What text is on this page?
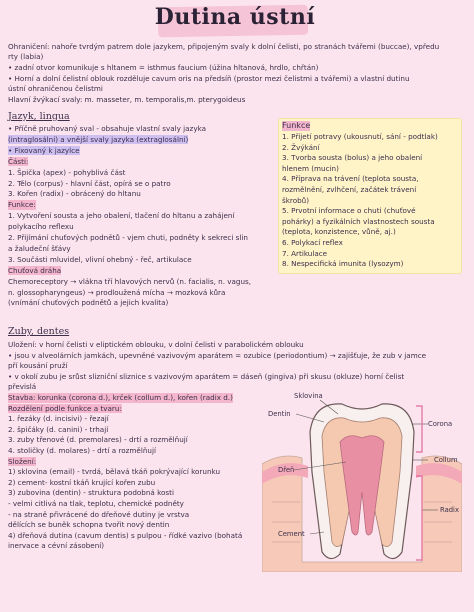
Dutina ústní
Ohraničení: nahoře tvrdým patrem dole jazykem, připojeným svaly k dolní čelisti, po stranách tvářemi (buccae), vpředu
rty (labia)
• zadní otvor komunikuje s hltanem = isthmus faucium (úžina hltanová, hrdlo, chřtán)
• Horní a dolní čelistní oblouk rozděluje cavum oris na předsíň (prostor mezi čelistmi a tvářemi) a vlastní dutinu
ústní ohraničenou čelistmi
Hlavní žvýkací svaly: m. masseter, m. temporalis,m. pterygoideus
Jazyk, lingua
• Příčně pruhovaný sval - obsahuje vlastní svaly jazyka
(intraglosální) a vnější svaly jazyka (extraglosální)
• Fixovaný k jazylce
Části:
1. Špička (apex) - pohyblivá část
2. Tělo (corpus) - hlavní část, opírá se o patro
3. Kořen (radix) - obrácený do hltanu
Funkce:
1. Vytvoření sousta a jeho obalení, tlačení do hltanu a zahájení
polykacího reflexu
2. Přijímání chuťových podnětů - vjem chuti, podněty k sekreci slin
a žaludeční šťávy
3. Součásti mluvidel, vlivní ohebný - řeč, artikulace
Chuťová dráha
Chemoreceptory → vlákna tří hlavových nervů (n. facialis, n. vagus,
n. glossopharyngeus) → prodloužená mícha → mozková kůra
(vnímání chuťových podnětů a jejich kvalita)
Funkce
1. Přijetí potravy (ukousnutí, sání - podtlak)
2. Žvýkání
3. Tvorba sousta (bolus) a jeho obalení
hlenem (mucin)
4. Příprava na trávení (teplota sousta,
rozmělnění, zvlhčení, začátek trávení
škrobů)
5. Prvotní informace o chuti (chuťové
pohárky) a fyzikálních vlastnostech sousta
(teplota, konzistence, vůně, aj.)
6. Polykací reflex
7. Artikulace
8. Nespecifická imunita (lysozym)
Zuby, dentes
Uložení: v horní čelisti v eliptickém oblouku, v dolní čelisti v parabolickém oblouku
• jsou v alveolárních jamkách, upevněné vazivovým aparátem = ozubice (periodontium) → zajišťuje, že zub v jamce
pří kousání pruží
• v okolí zubu je srůst slizniční sliznice s vazivovým aparátem = dáseň (gingiva) při skusu (okluze) horní čelist
převislá
Stavba: korunka (corona d.), krček (collum d.), kořen (radix d.)
Rozdělení podle funkce a tvaru:
1. řezáky (d. incisivi) - řezají
2. špičáky (d. canini) - trhají
3. zuby třenové (d. premolares) - drtí a rozmělňují
4. stoličky (d. molares) - drtí a rozmělňují
Složení:
1) sklovina (email) - tvrdá, bělavá tkáň pokrývající korunku
2) cement- kostní tkáň krující kořen zubu
3) zubovina (dentin) - struktura podobná kosti
- velmi citlivá na tlak, teplotu, chemické podněty
- na straně přivrácené do dřeňové dutiny je vrstva
dělících se buněk schopna tvořit nový dentin
4) dřeňová dutina (cavum dentis) s pulpou - řídké vazivo (bohatá
inervace a cévní zásobení)
Sklovina
Corona
Dentin
Collum
Dřeň
Radix
Cement
